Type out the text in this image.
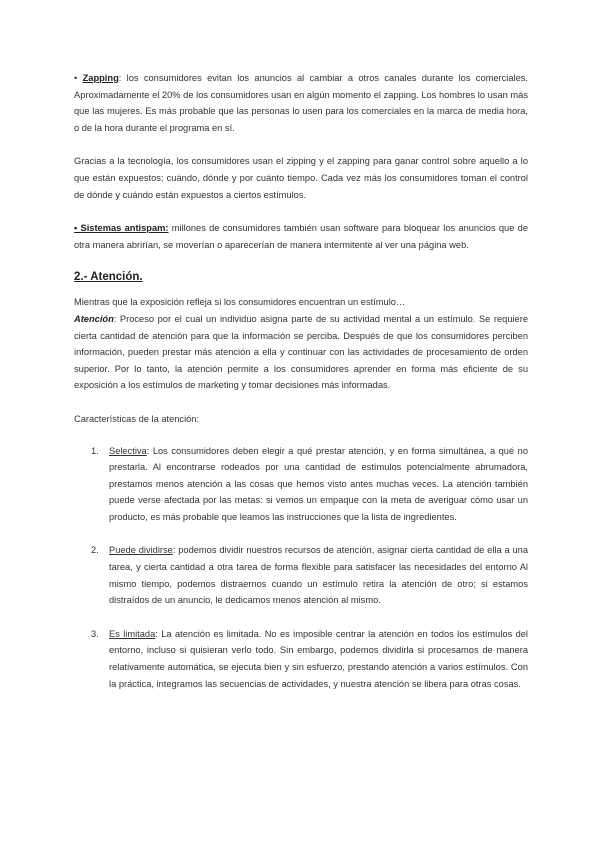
• Zapping: los consumidores evitan los anuncios al cambiar a otros canales durante los comerciales. Aproximadamente el 20% de los consumidores usan en algún momento el zapping. Los hombres lo usan más que las mujeres. Es más probable que las personas lo usen para los comerciales en la marca de media hora, o de la hora durante el programa en sí.

Gracias a la tecnología, los consumidores usan el zipping y el zapping para ganar control sobre aquello a lo que están expuestos; cuándo, dónde y por cuánto tiempo. Cada vez más los consumidores toman el control de dónde y cuándo están expuestos a ciertos estímulos.

• Sistemas antispam: millones de consumidores también usan software para bloquear los anuncios que de otra manera abrirían, se moverían o aparecerían de manera intermitente al ver una página web.

2.- Atención.

Mientras que la exposición refleja si los consumidores encuentran un estímulo…

Atención: Proceso por el cual un individuo asigna parte de su actividad mental a un estímulo. Se requiere cierta cantidad de atención para que la información se perciba. Después de que los consumidores perciben información, pueden prestar más atención a ella y continuar con las actividades de procesamiento de orden superior. Por lo tanto, la atención permite a los consumidores aprender en forma más eficiente de su exposición a los estímulos de marketing y tomar decisiones más informadas.

Características de la atención:

1. Selectiva: Los consumidores deben elegir a qué prestar atención, y en forma simultánea, a qué no prestarla. Al encontrarse rodeados por una cantidad de estímulos potencialmente abrumadora, prestamos menos atención a las cosas que hemos visto antes muchas veces. La atención también puede verse afectada por las metas: si vemos un empaque con la meta de averiguar cómo usar un producto, es más probable que leamos las instrucciones que la lista de ingredientes.

2. Puede dividirse: podemos dividir nuestros recursos de atención, asignar cierta cantidad de ella a una tarea, y cierta cantidad a otra tarea de forma flexible para satisfacer las necesidades del entorno Al mismo tiempo, podemos distraernos cuando un estímulo retira la atención de otro; si estamos distraídos de un anuncio, le dedicamos menos atención al mismo.

3. Es limitada: La atención es limitada. No es imposible centrar la atención en todos los estímulos del entorno, incluso si quisieran verlo todo. Sin embargo, podemos dividirla si procesamos de manera relativamente automática, se ejecuta bien y sin esfuerzo, prestando atención a varios estímulos. Con la práctica, integramos las secuencias de actividades, y nuestra atención se libera para otras cosas.
